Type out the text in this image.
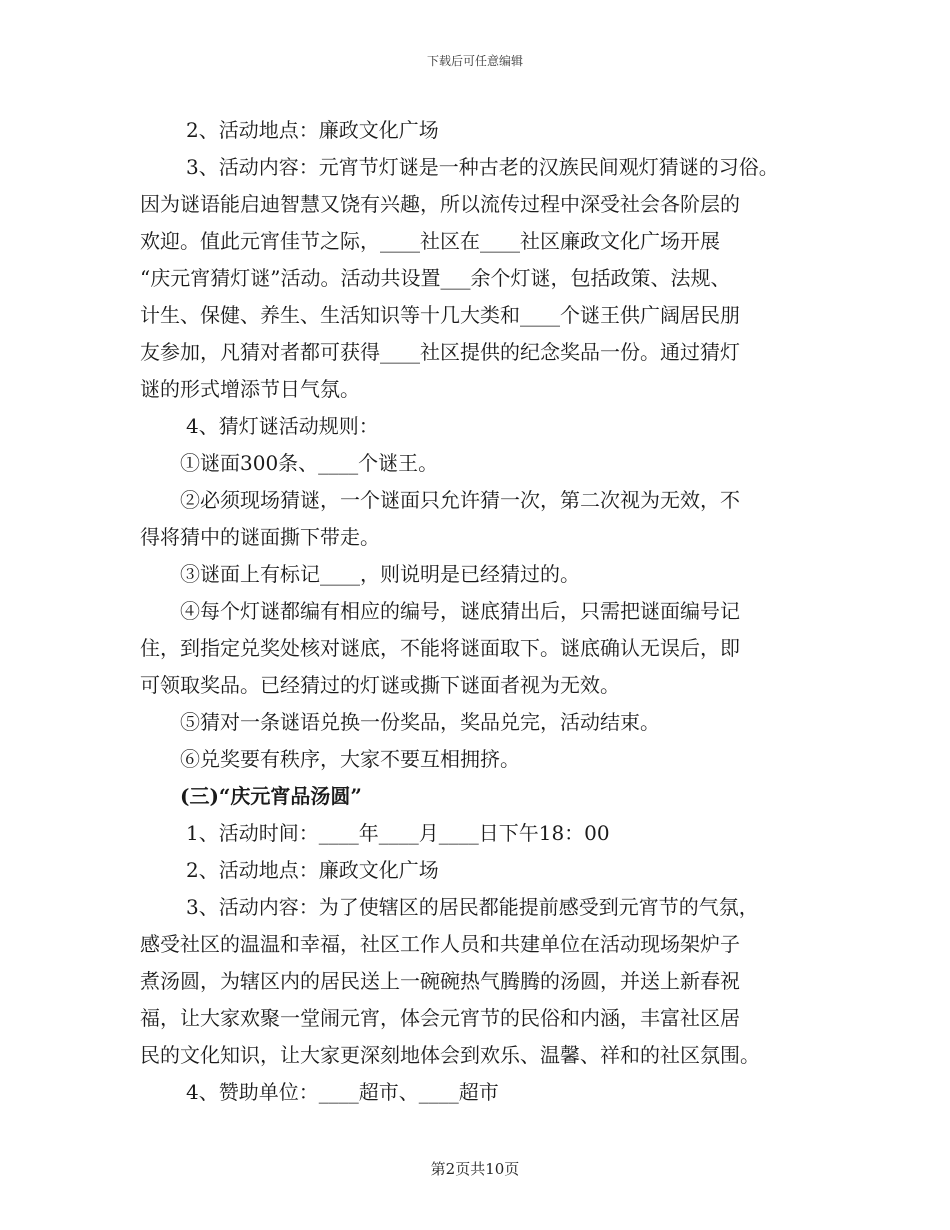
下载后可任意编辑
2、活动地点：廉政文化广场
3、活动内容：元宵节灯谜是一种古老的汉族民间观灯猜谜的习俗。
因为谜语能启迪智慧又饶有兴趣，所以流传过程中深受社会各阶层的
欢迎。值此元宵佳节之际，____社区在____社区廉政文化广场开展
“庆元宵猜灯谜”活动。活动共设置___余个灯谜，包括政策、法规、
计生、保健、养生、生活知识等十几大类和____个谜王供广阔居民朋
友参加，凡猜对者都可获得____社区提供的纪念奖品一份。通过猜灯
谜的形式增添节日气氛。
4、猜灯谜活动规则：
①谜面300条、____个谜王。
②必须现场猜谜，一个谜面只允许猜一次，第二次视为无效，不
得将猜中的谜面撕下带走。
③谜面上有标记____，则说明是已经猜过的。
④每个灯谜都编有相应的编号，谜底猜出后，只需把谜面编号记
住，到指定兑奖处核对谜底，不能将谜面取下。谜底确认无误后，即
可领取奖品。已经猜过的灯谜或撕下谜面者视为无效。
⑤猜对一条谜语兑换一份奖品，奖品兑完，活动结束。
⑥兑奖要有秩序，大家不要互相拥挤。
(三)“庆元宵品汤圆”
1、活动时间：____年____月____日下午18：00
2、活动地点：廉政文化广场
3、活动内容：为了使辖区的居民都能提前感受到元宵节的气氛，
感受社区的温温和幸福，社区工作人员和共建单位在活动现场架炉子
煮汤圆，为辖区内的居民送上一碗碗热气腾腾的汤圆，并送上新春祝
福，让大家欢聚一堂闹元宵，体会元宵节的民俗和内涵，丰富社区居
民的文化知识，让大家更深刻地体会到欢乐、温馨、祥和的社区氛围。
4、赞助单位：____超市、____超市
第2页共10页
